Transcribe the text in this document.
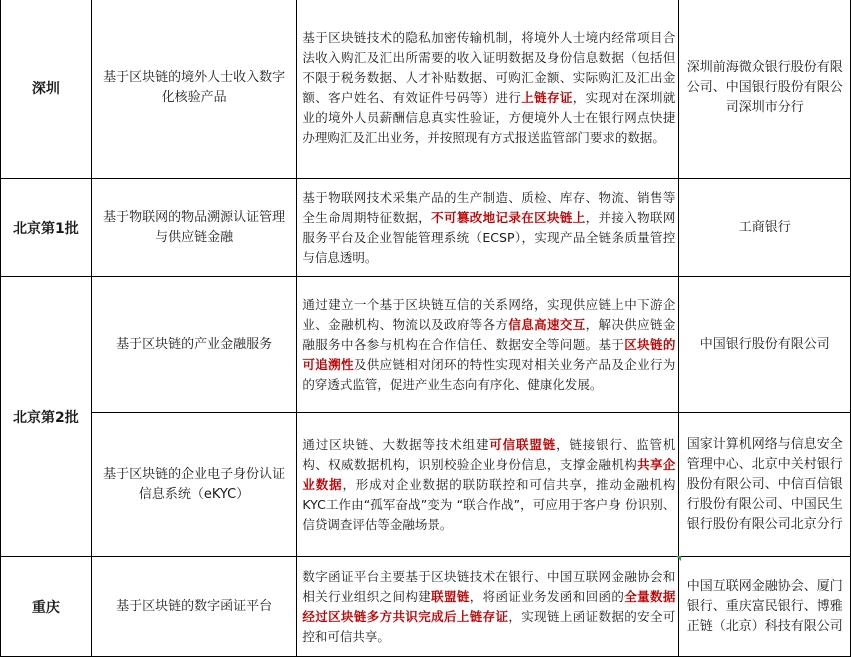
深圳	基于区块链的境外人士收入数字化核验产品	基于区块链技术的隐私加密传输机制，将境外人士境内经常项目合法收入购汇及汇出所需要的收入证明数据及身份信息数据（包括但不限于税务数据、人才补贴数据、可购汇金额、实际购汇及汇出金额、客户姓名、有效证件号码等）进行上链存证，实现对在深圳就业的境外人员薪酬信息真实性验证，方便境外人士在银行网点快捷办理购汇及汇出业务，并按照现有方式报送监管部门要求的数据。	深圳前海微众银行股份有限公司、中国银行股份有限公司深圳市分行
北京第1批	基于物联网的物品溯源认证管理与供应链金融	基于物联网技术采集产品的生产制造、质检、库存、物流、销售等全生命周期特征数据，不可篡改地记录在区块链上，并接入物联网服务平台及企业智能管理系统（ECSP），实现产品全链条质量管控与信息透明。	工商银行
北京第2批	基于区块链的产业金融服务	通过建立一个基于区块链互信的关系网络，实现供应链上中下游企业、金融机构、物流以及政府等各方信息高速交互，解决供应链金融服务中各参与机构在合作信任、数据安全等问题。基于区块链的可追溯性及供应链相对闭环的特性实现对相关业务产品及企业行为的穿透式监管，促进产业生态向有序化、健康化发展。	中国银行股份有限公司
	基于区块链的企业电子身份认证信息系统（eKYC）	通过区块链、大数据等技术组建可信联盟链，链接银行、监管机构、权威数据机构，识别校验企业身份信息，支撑金融机构共享企业数据，形成对企业数据的联防联控和可信共享，推动金融机构KYC工作由“孤军奋战”变为 “联合作战”，可应用于客户身 份识别、信贷调查评估等金融场景。	国家计算机网络与信息安全管理中心、北京中关村银行股份有限公司、中信百信银行股份有限公司、中国民生银行股份有限公司北京分行
重庆	基于区块链的数字函证平台	数字函证平台主要基于区块链技术在银行、中国互联网金融协会和相关行业组织之间构建联盟链，将函证业务发函和回函的全量数据经过区块链多方共识完成后上链存证，实现链上函证数据的安全可控和可信共享。	中国互联网金融协会、厦门银行、重庆富民银行、博雅正链（北京）科技有限公司
